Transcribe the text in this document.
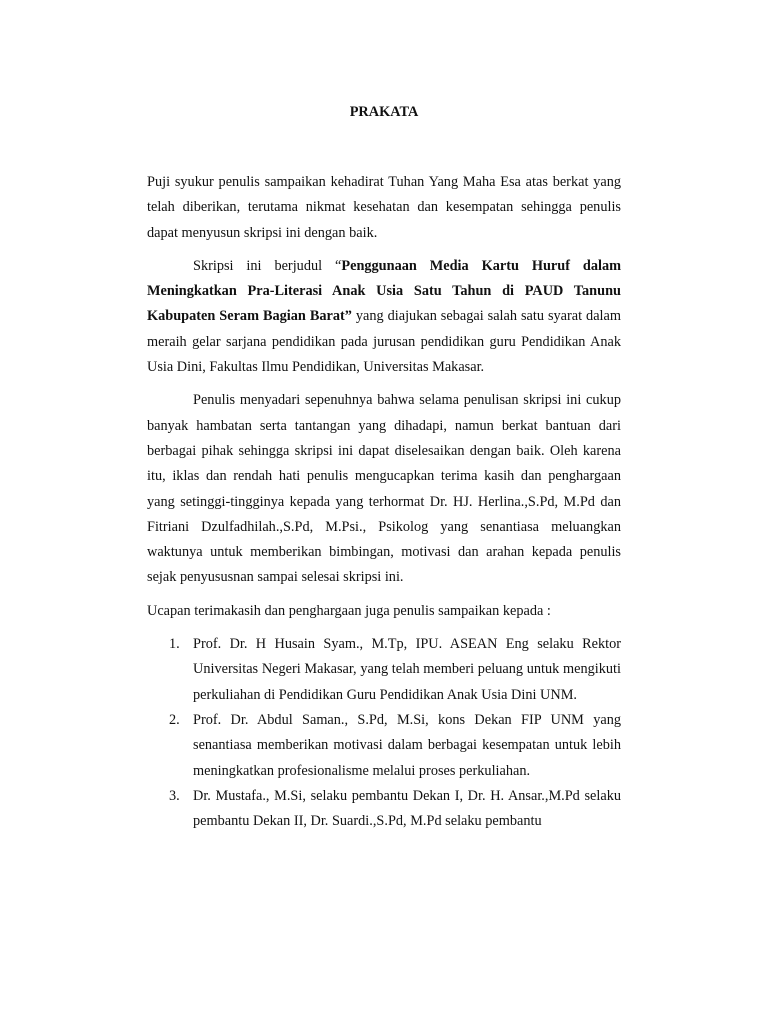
PRAKATA

Puji syukur penulis sampaikan kehadirat Tuhan Yang Maha Esa atas berkat yang telah diberikan, terutama nikmat kesehatan dan kesempatan sehingga penulis dapat menyusun skripsi ini dengan baik.

Skripsi ini berjudul “Penggunaan Media Kartu Huruf dalam Meningkatkan Pra-Literasi Anak Usia Satu Tahun di PAUD Tanunu Kabupaten Seram Bagian Barat” yang diajukan sebagai salah satu syarat dalam meraih gelar sarjana pendidikan pada jurusan pendidikan guru Pendidikan Anak Usia Dini, Fakultas Ilmu Pendidikan, Universitas Makasar.

Penulis menyadari sepenuhnya bahwa selama penulisan skripsi ini cukup banyak hambatan serta tantangan yang dihadapi, namun berkat bantuan dari berbagai pihak sehingga skripsi ini dapat diselesaikan dengan baik. Oleh karena itu, iklas dan rendah hati penulis mengucapkan terima kasih dan penghargaan yang setinggi-tingginya kepada yang terhormat Dr. HJ. Herlina.,S.Pd, M.Pd dan Fitriani Dzulfadhilah.,S.Pd, M.Psi., Psikolog yang senantiasa meluangkan waktunya untuk memberikan bimbingan, motivasi dan arahan kepada penulis sejak penyususnan sampai selesai skripsi ini.

Ucapan terimakasih dan penghargaan juga penulis sampaikan kepada :

1. Prof. Dr. H Husain Syam., M.Tp, IPU. ASEAN Eng selaku Rektor Universitas Negeri Makasar, yang telah memberi peluang untuk mengikuti perkuliahan di Pendidikan Guru Pendidikan Anak Usia Dini UNM.
2. Prof. Dr. Abdul Saman., S.Pd, M.Si, kons Dekan FIP UNM yang senantiasa memberikan motivasi dalam berbagai kesempatan untuk lebih meningkatkan profesionalisme melalui proses perkuliahan.
3. Dr. Mustafa., M.Si, selaku pembantu Dekan I, Dr. H. Ansar.,M.Pd selaku pembantu Dekan II, Dr. Suardi.,S.Pd, M.Pd selaku pembantu
